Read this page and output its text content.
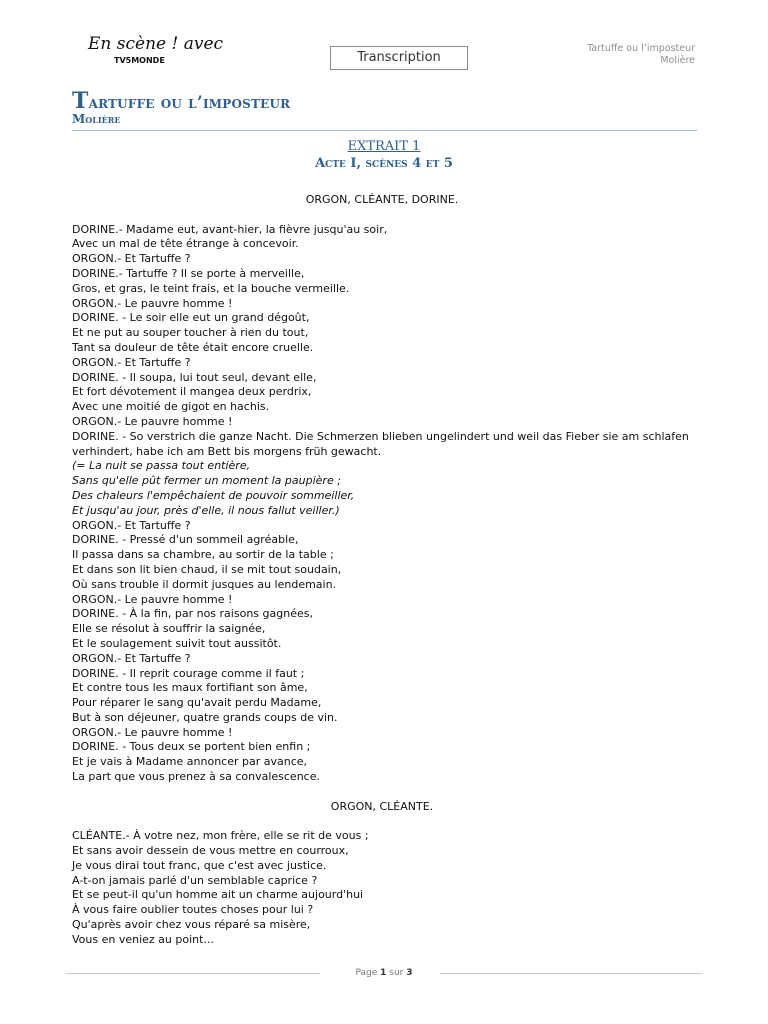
En scène ! avec
TV5MONDE	Transcription
Tartuffe ou l’imposteur
Molière
Tartuffe ou l’imposteur
Molière
EXTRAIT 1
Acte I, scènes 4 et 5
ORGON, CLÉANTE, DORINE.
DORINE.- Madame eut, avant-hier, la fièvre jusqu'au soir,
Avec un mal de tête étrange à concevoir.
ORGON.- Et Tartuffe ?
DORINE.- Tartuffe ? Il se porte à merveille,
Gros, et gras, le teint frais, et la bouche vermeille.
ORGON.- Le pauvre homme !
DORINE. - Le soir elle eut un grand dégoût,
Et ne put au souper toucher à rien du tout,
Tant sa douleur de tête était encore cruelle.
ORGON.- Et Tartuffe ?
DORINE. - Il soupa, lui tout seul, devant elle,
Et fort dévotement il mangea deux perdrix,
Avec une moitié de gigot en hachis.
ORGON.- Le pauvre homme !
DORINE. - So verstrich die ganze Nacht. Die Schmerzen blieben ungelindert und weil das Fieber sie am schlafen verhindert, habe ich am Bett bis morgens früh gewacht.
(= La nuit se passa tout entière,
Sans qu'elle pût fermer un moment la paupière ;
Des chaleurs l'empêchaient de pouvoir sommeiller,
Et jusqu'au jour, près d'elle, il nous fallut veiller.)
ORGON.- Et Tartuffe ?
DORINE. - Pressé d'un sommeil agréable,
Il passa dans sa chambre, au sortir de la table ;
Et dans son lit bien chaud, il se mit tout soudain,
Où sans trouble il dormit jusques au lendemain.
ORGON.- Le pauvre homme !
DORINE. - À la fin, par nos raisons gagnées,
Elle se résolut à souffrir la saignée,
Et le soulagement suivit tout aussitôt.
ORGON.- Et Tartuffe ?
DORINE. - Il reprit courage comme il faut ;
Et contre tous les maux fortifiant son âme,
Pour réparer le sang qu'avait perdu Madame,
But à son déjeuner, quatre grands coups de vin.
ORGON.- Le pauvre homme !
DORINE. - Tous deux se portent bien enfin ;
Et je vais à Madame annoncer par avance,
La part que vous prenez à sa convalescence.
ORGON, CLÉANTE.
CLÉANTE.- À votre nez, mon frère, elle se rit de vous ;
Et sans avoir dessein de vous mettre en courroux,
Je vous dirai tout franc, que c'est avec justice.
A-t-on jamais parlé d'un semblable caprice ?
Et se peut-il qu'un homme ait un charme aujourd'hui
À vous faire oublier toutes choses pour lui ?
Qu'après avoir chez vous réparé sa misère,
Vous en veniez au point...
Page 1 sur 3
